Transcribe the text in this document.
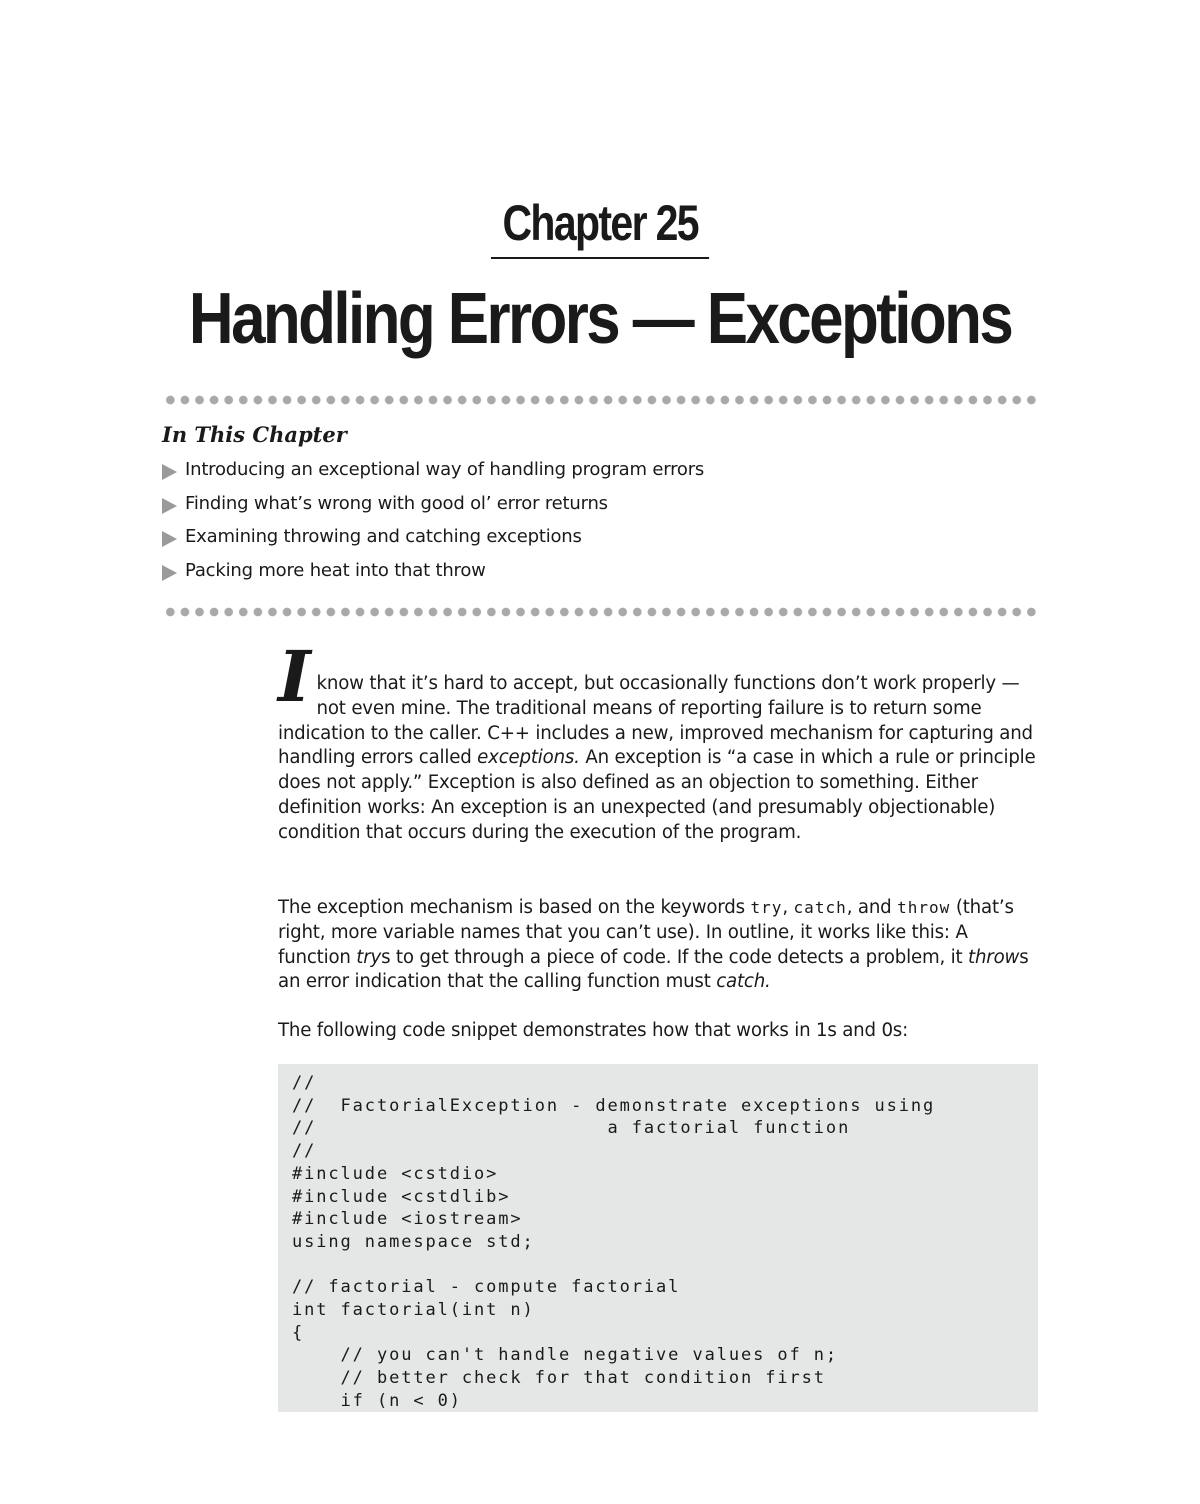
Chapter 25
Handling Errors — Exceptions
In This Chapter
Introducing an exceptional way of handling program errors
Finding what’s wrong with good ol’ error returns
Examining throwing and catching exceptions
Packing more heat into that throw

I know that it’s hard to accept, but occasionally functions don’t work properly — not even mine. The traditional means of reporting failure is to return some indication to the caller. C++ includes a new, improved mechanism for capturing and handling errors called exceptions. An exception is “a case in which a rule or principle does not apply.” Exception is also defined as an objection to something. Either definition works: An exception is an unexpected (and presumably objectionable) condition that occurs during the execution of the program.

The exception mechanism is based on the keywords try, catch, and throw (that’s right, more variable names that you can’t use). In outline, it works like this: A function trys to get through a piece of code. If the code detects a problem, it throws an error indication that the calling function must catch.

The following code snippet demonstrates how that works in 1s and 0s:

//
//  FactorialException - demonstrate exceptions using
//                        a factorial function
//
#include <cstdio>
#include <cstdlib>
#include <iostream>
using namespace std;

// factorial - compute factorial
int factorial(int n)
{
// you can't handle negative values of n;
// better check for that condition first
if (n < 0)
